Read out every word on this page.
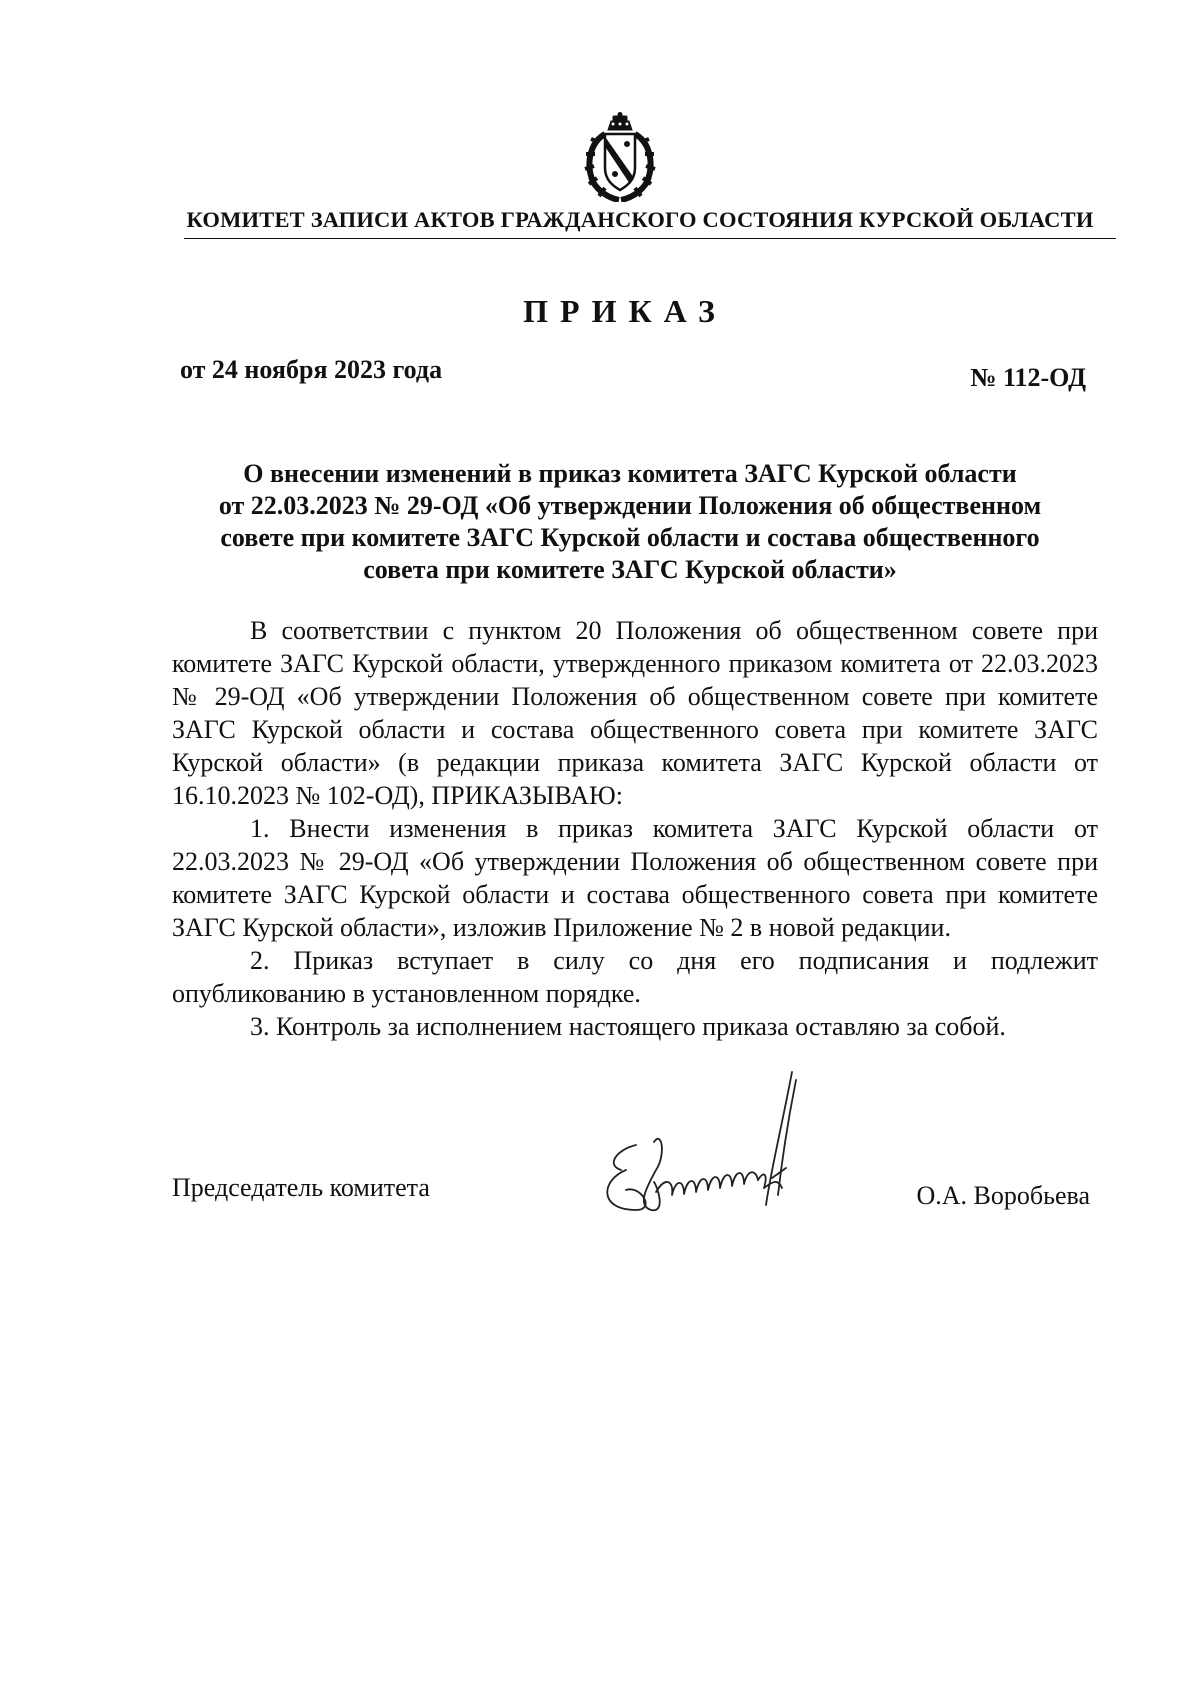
КОМИТЕТ ЗАПИСИ АКТОВ ГРАЖДАНСКОГО СОСТОЯНИЯ КУРСКОЙ ОБЛАСТИ
ПРИКАЗ
от 24 ноября 2023 года	№ 112-ОД
О внесении изменений в приказ комитета ЗАГС Курской области
от 22.03.2023 № 29-ОД «Об утверждении Положения об общественном
совете при комитете ЗАГС Курской области и состава общественного
совета при комитете ЗАГС Курской области»

В соответствии с пунктом 20 Положения об общественном совете при комитете ЗАГС Курской области, утвержденного приказом комитета от 22.03.2023 № 29-ОД «Об утверждении Положения об общественном совете при комитете ЗАГС Курской области и состава общественного совета при комитете ЗАГС Курской области» (в редакции приказа комитета ЗАГС Курской области от 16.10.2023 № 102-ОД), ПРИКАЗЫВАЮ:

1. Внести изменения в приказ комитета ЗАГС Курской области от 22.03.2023 № 29-ОД «Об утверждении Положения об общественном совете при комитете ЗАГС Курской области и состава общественного совета при комитете ЗАГС Курской области», изложив Приложение № 2 в новой редакции.

2. Приказ вступает в силу со дня его подписания и подлежит опубликованию в установленном порядке.

3. Контроль за исполнением настоящего приказа оставляю за собой.

Председатель комитета	О.А. Воробьева
